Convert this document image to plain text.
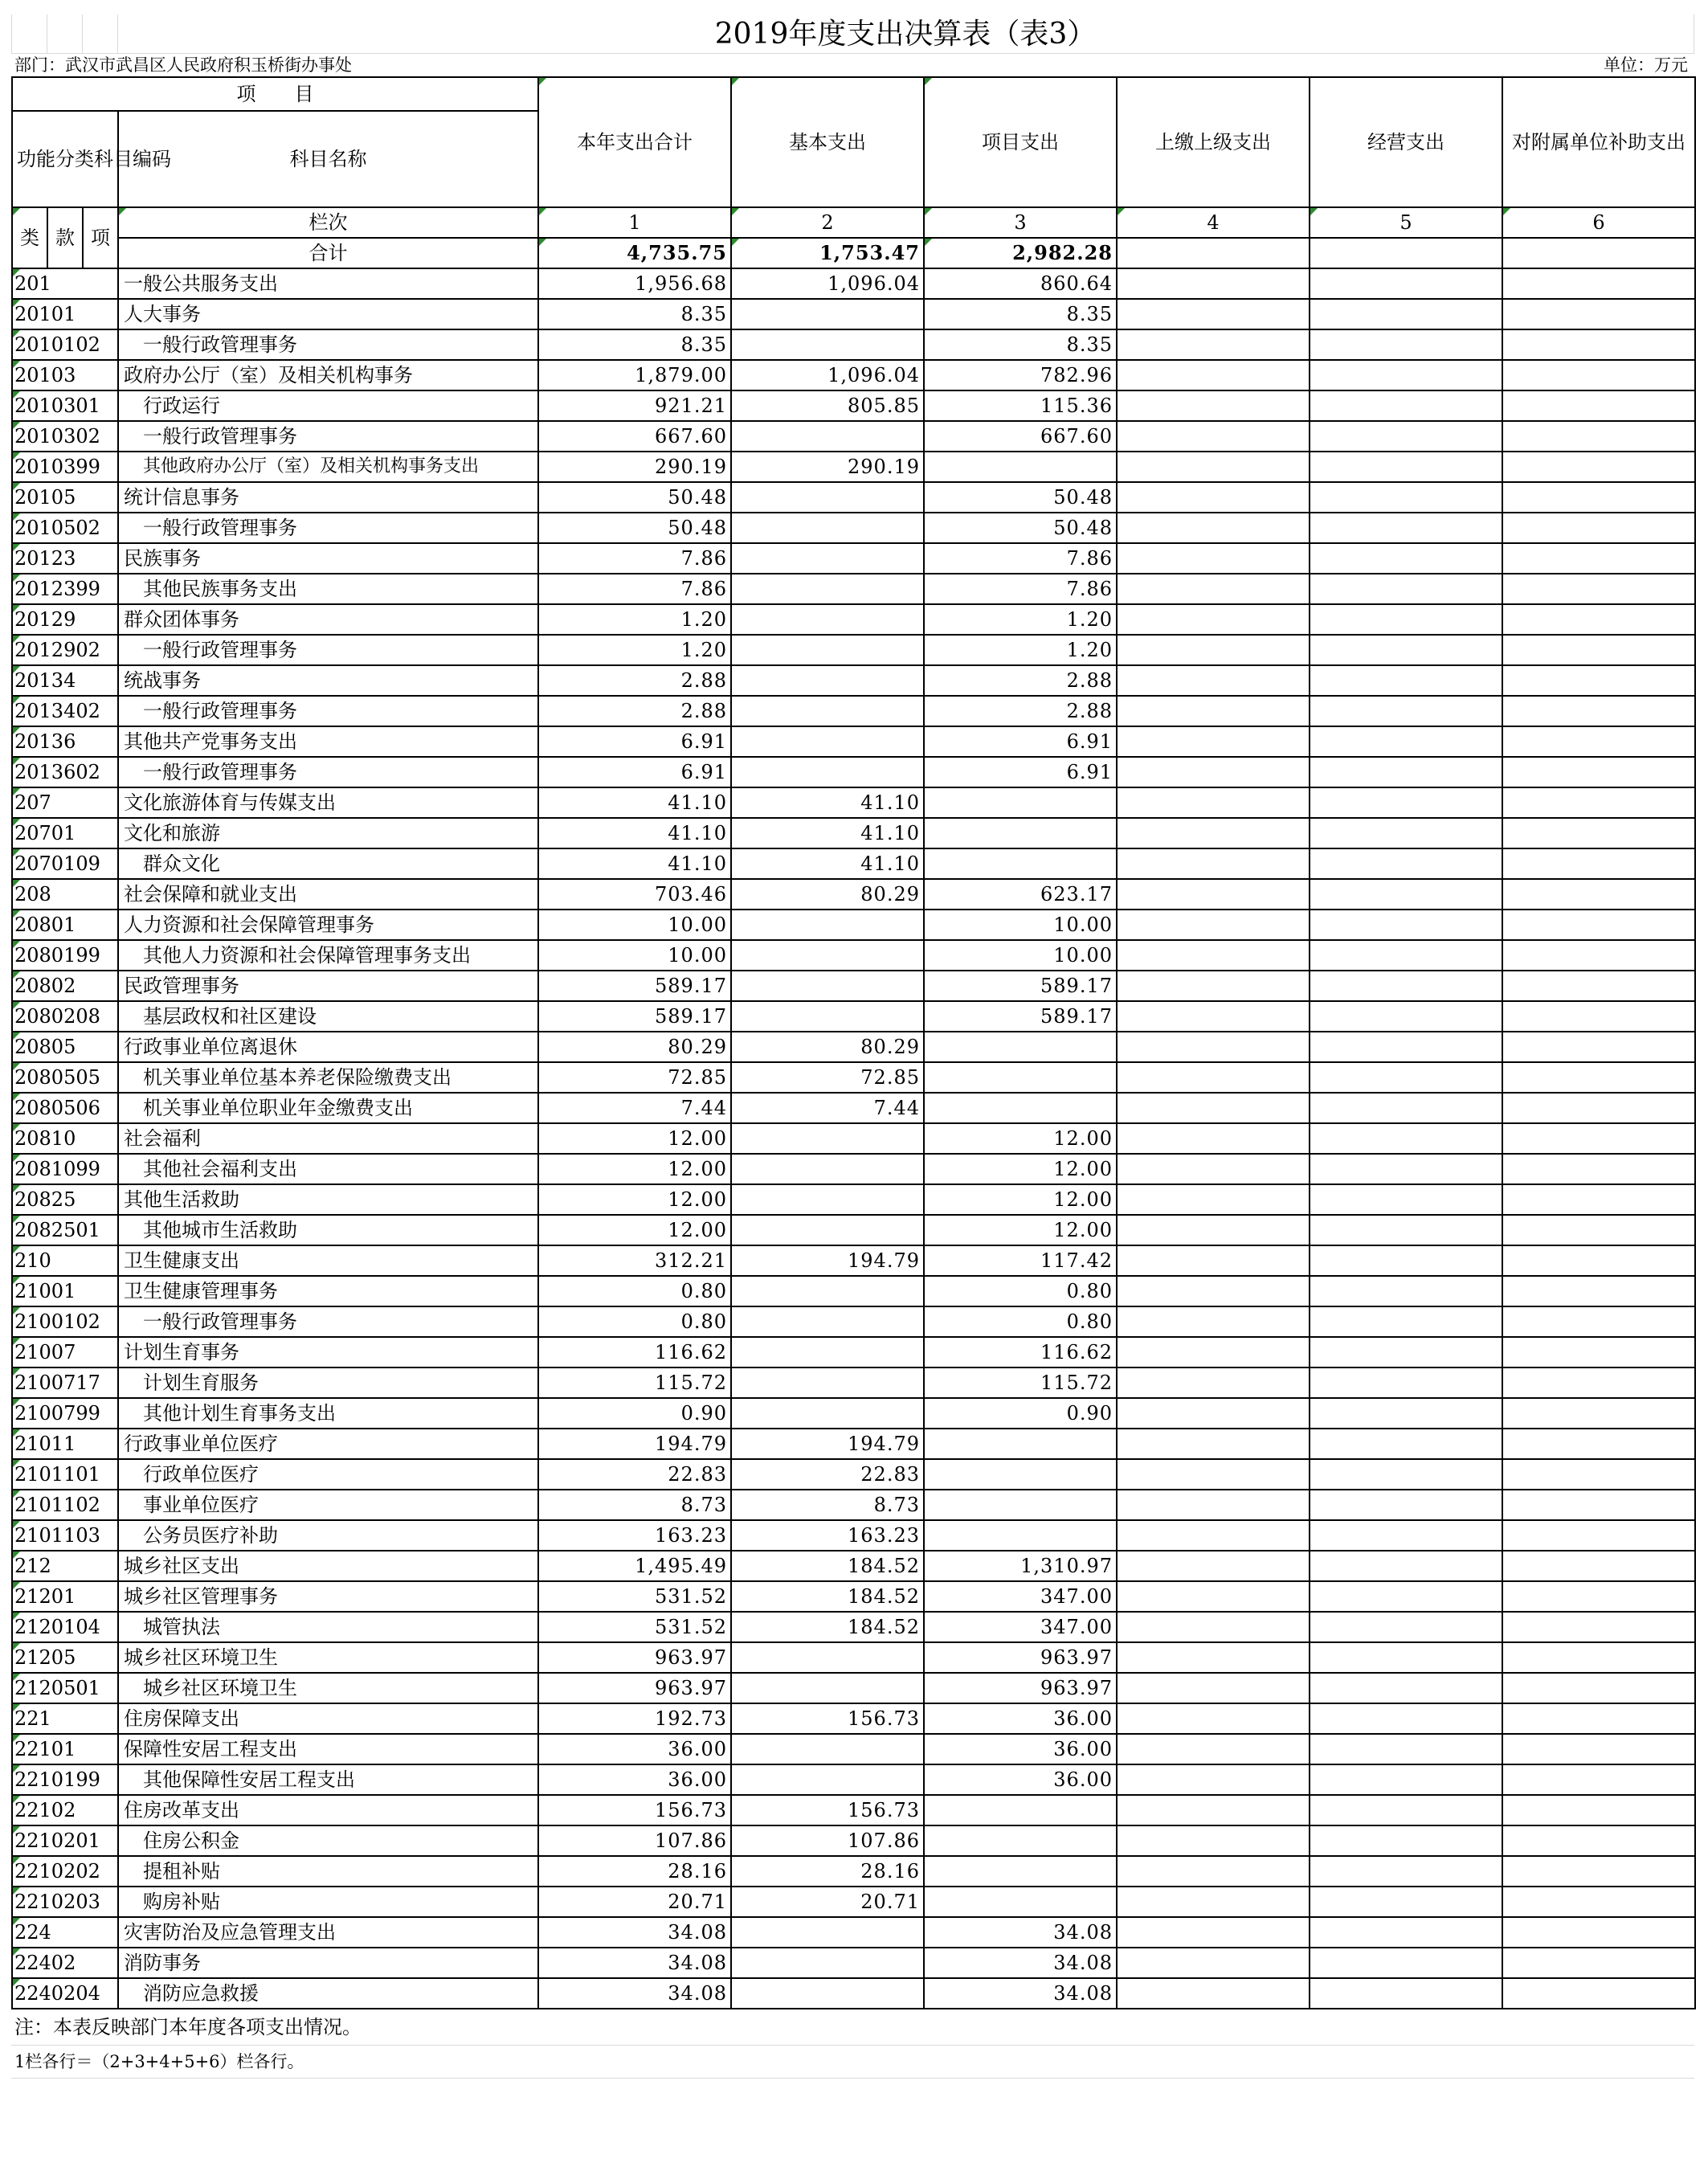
2019年度支出决算表（表3）
部门：武汉市武昌区人民政府积玉桥街办事处	单位：万元
项　　目				本年支出合计	基本支出	项目支出	上缴上级支出	经营支出	对附属单位补助支出
功能分类科目编码			科目名称						
类	款	项	栏次	1	2	3	4	5	6
			合计	4,735.75	1,753.47	2,982.28			
201			一般公共服务支出	1,956.68	1,096.04	860.64			
20101			人大事务	8.35		8.35			
2010102			一般行政管理事务	8.35		8.35			
20103			政府办公厅（室）及相关机构事务	1,879.00	1,096.04	782.96			
2010301			行政运行	921.21	805.85	115.36			
2010302			一般行政管理事务	667.60		667.60			
2010399			其他政府办公厅（室）及相关机构事务支出	290.19	290.19				
20105			统计信息事务	50.48		50.48			
2010502			一般行政管理事务	50.48		50.48			
20123			民族事务	7.86		7.86			
2012399			其他民族事务支出	7.86		7.86			
20129			群众团体事务	1.20		1.20			
2012902			一般行政管理事务	1.20		1.20			
20134			统战事务	2.88		2.88			
2013402			一般行政管理事务	2.88		2.88			
20136			其他共产党事务支出	6.91		6.91			
2013602			一般行政管理事务	6.91		6.91			
207			文化旅游体育与传媒支出	41.10	41.10				
20701			文化和旅游	41.10	41.10				
2070109			群众文化	41.10	41.10				
208			社会保障和就业支出	703.46	80.29	623.17			
20801			人力资源和社会保障管理事务	10.00		10.00			
2080199			其他人力资源和社会保障管理事务支出	10.00		10.00			
20802			民政管理事务	589.17		589.17			
2080208			基层政权和社区建设	589.17		589.17			
20805			行政事业单位离退休	80.29	80.29				
2080505			机关事业单位基本养老保险缴费支出	72.85	72.85				
2080506			机关事业单位职业年金缴费支出	7.44	7.44				
20810			社会福利	12.00		12.00			
2081099			其他社会福利支出	12.00		12.00			
20825			其他生活救助	12.00		12.00			
2082501			其他城市生活救助	12.00		12.00			
210			卫生健康支出	312.21	194.79	117.42			
21001			卫生健康管理事务	0.80		0.80			
2100102			一般行政管理事务	0.80		0.80			
21007			计划生育事务	116.62		116.62			
2100717			计划生育服务	115.72		115.72			
2100799			其他计划生育事务支出	0.90		0.90			
21011			行政事业单位医疗	194.79	194.79				
2101101			行政单位医疗	22.83	22.83				
2101102			事业单位医疗	8.73	8.73				
2101103			公务员医疗补助	163.23	163.23				
212			城乡社区支出	1,495.49	184.52	1,310.97			
21201			城乡社区管理事务	531.52	184.52	347.00			
2120104			城管执法	531.52	184.52	347.00			
21205			城乡社区环境卫生	963.97		963.97			
2120501			城乡社区环境卫生	963.97		963.97			
221			住房保障支出	192.73	156.73	36.00			
22101			保障性安居工程支出	36.00		36.00			
2210199			其他保障性安居工程支出	36.00		36.00			
22102			住房改革支出	156.73	156.73				
2210201			住房公积金	107.86	107.86				
2210202			提租补贴	28.16	28.16				
2210203			购房补贴	20.71	20.71				
224			灾害防治及应急管理支出	34.08		34.08			
22402			消防事务	34.08		34.08			
2240204			消防应急救援	34.08		34.08			
注：本表反映部门本年度各项支出情况。
1栏各行＝（2+3+4+5+6）栏各行。
